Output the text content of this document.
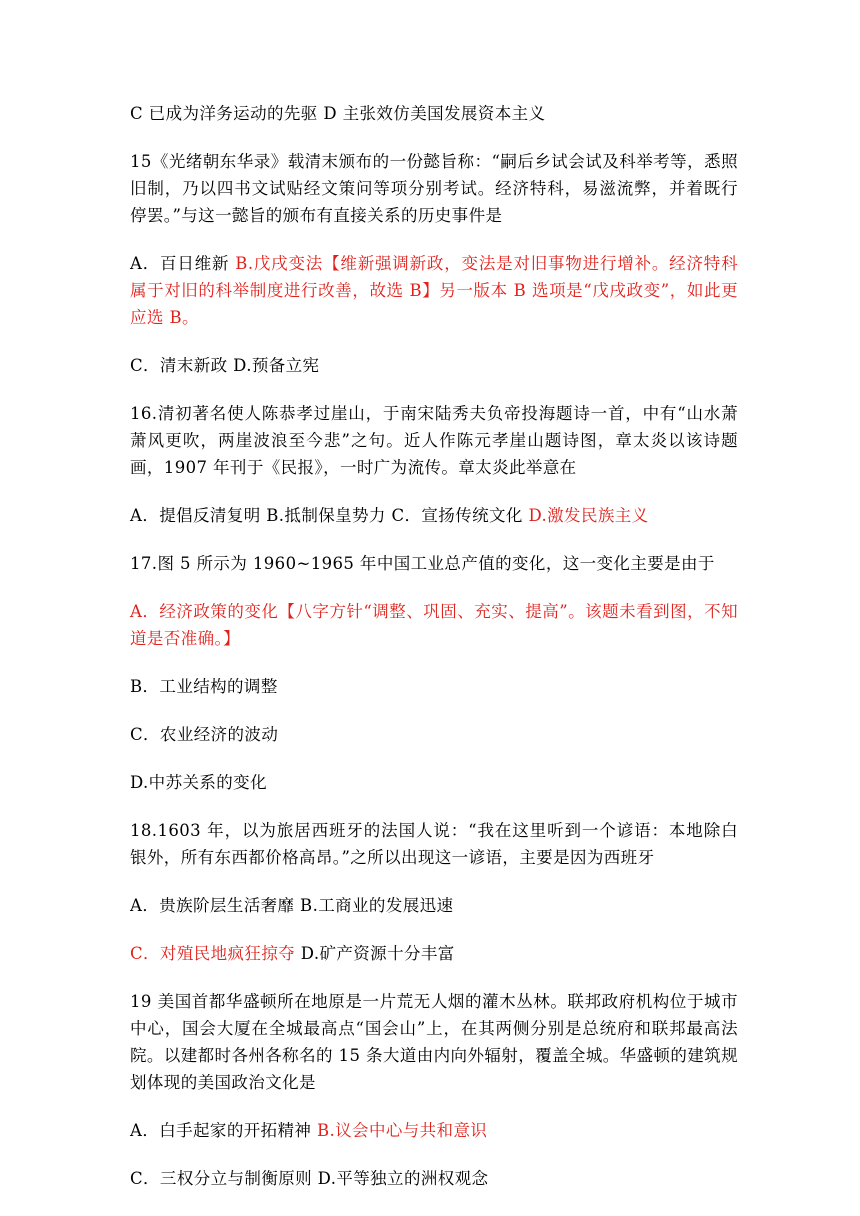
C 已成为洋务运动的先驱 D 主张效仿美国发展资本主义

15《光绪朝东华录》载清末颁布的一份懿旨称：“嗣后乡试会试及科举考等，悉照旧制，乃以四书文试贴经文策问等项分别考试。经济特科，易滋流弊，并着既行停罢。”与这一懿旨的颁布有直接关系的历史事件是

A．百日维新 B.戊戌变法【维新强调新政，变法是对旧事物进行增补。经济特科属于对旧的科举制度进行改善，故选 B】另一版本 B 选项是“戊戌政变”，如此更应选 B。

C．清末新政 D.预备立宪

16.清初著名使人陈恭孝过崖山，于南宋陆秀夫负帝投海题诗一首，中有“山水萧萧风更吹，两崖波浪至今悲”之句。近人作陈元孝崖山题诗图，章太炎以该诗题画，1907 年刊于《民报》，一时广为流传。章太炎此举意在

A．提倡反清复明 B.抵制保皇势力 C．宣扬传统文化 D.激发民族主义

17.图 5 所示为 1960~1965 年中国工业总产值的变化，这一变化主要是由于

A．经济政策的变化【八字方针“调整、巩固、充实、提高”。该题未看到图，不知道是否准确。】

B．工业结构的调整

C．农业经济的波动

D.中苏关系的变化

18.1603 年，以为旅居西班牙的法国人说：“我在这里听到一个谚语：本地除白银外，所有东西都价格高昂。”之所以出现这一谚语，主要是因为西班牙

A．贵族阶层生活奢靡 B.工商业的发展迅速

C．对殖民地疯狂掠夺 D.矿产资源十分丰富

19 美国首都华盛顿所在地原是一片荒无人烟的灌木丛林。联邦政府机构位于城市中心，国会大厦在全城最高点“国会山”上，在其两侧分别是总统府和联邦最高法院。以建都时各州各称名的 15 条大道由内向外辐射，覆盖全城。华盛顿的建筑规划体现的美国政治文化是

A．白手起家的开拓精神 B.议会中心与共和意识

C．三权分立与制衡原则 D.平等独立的洲权观念
